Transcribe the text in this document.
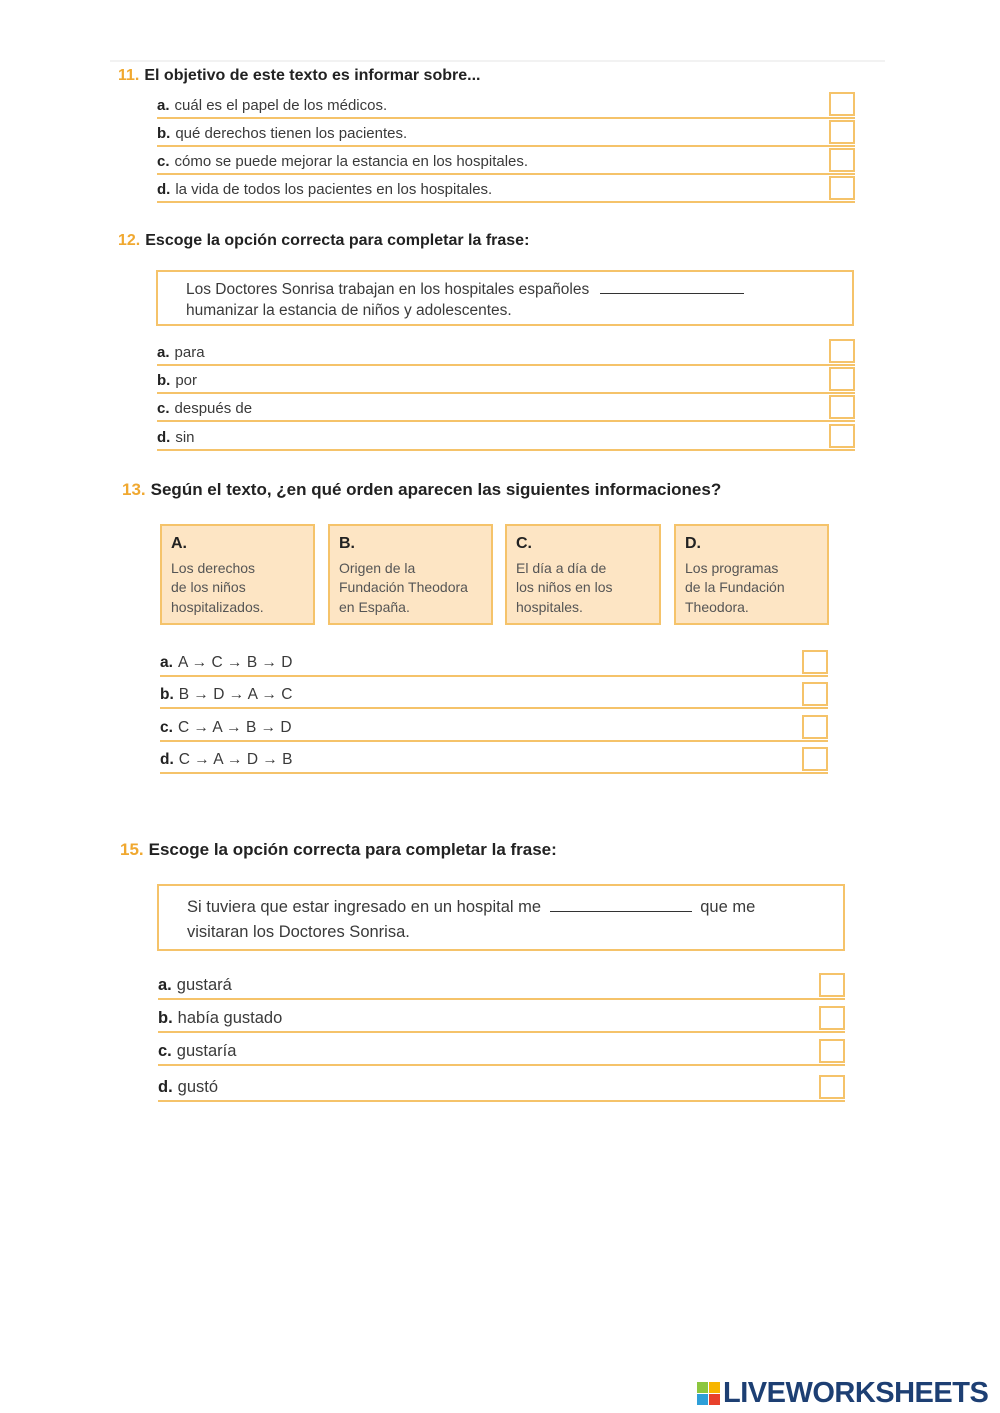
11. El objetivo de este texto es informar sobre...
a. cuál es el papel de los médicos.
b. qué derechos tienen los pacientes.
c. cómo se puede mejorar la estancia en los hospitales.
d. la vida de todos los pacientes en los hospitales.
12. Escoge la opción correcta para completar la frase:
Los Doctores Sonrisa trabajan en los hospitales españoles
humanizar la estancia de niños y adolescentes.
a. para
b. por
c. después de
d. sin
13. Según el texto, ¿en qué orden aparecen las siguientes informaciones?
A.
Los derechos
de los niños
hospitalizados.
B.
Origen de la
Fundación Theodora
en España.
C.
El día a día de
los niños en los
hospitales.
D.
Los programas
de la Fundación
Theodora.
a. A → C → B → D
b. B → D → A → C
c. C → A → B → D
d. C → A → D → B
15. Escoge la opción correcta para completar la frase:
Si tuviera que estar ingresado en un hospital me	que me
visitaran los Doctores Sonrisa.
a. gustará
b. había gustado
c. gustaría
d. gustó
LIVEWORKSHEETS
